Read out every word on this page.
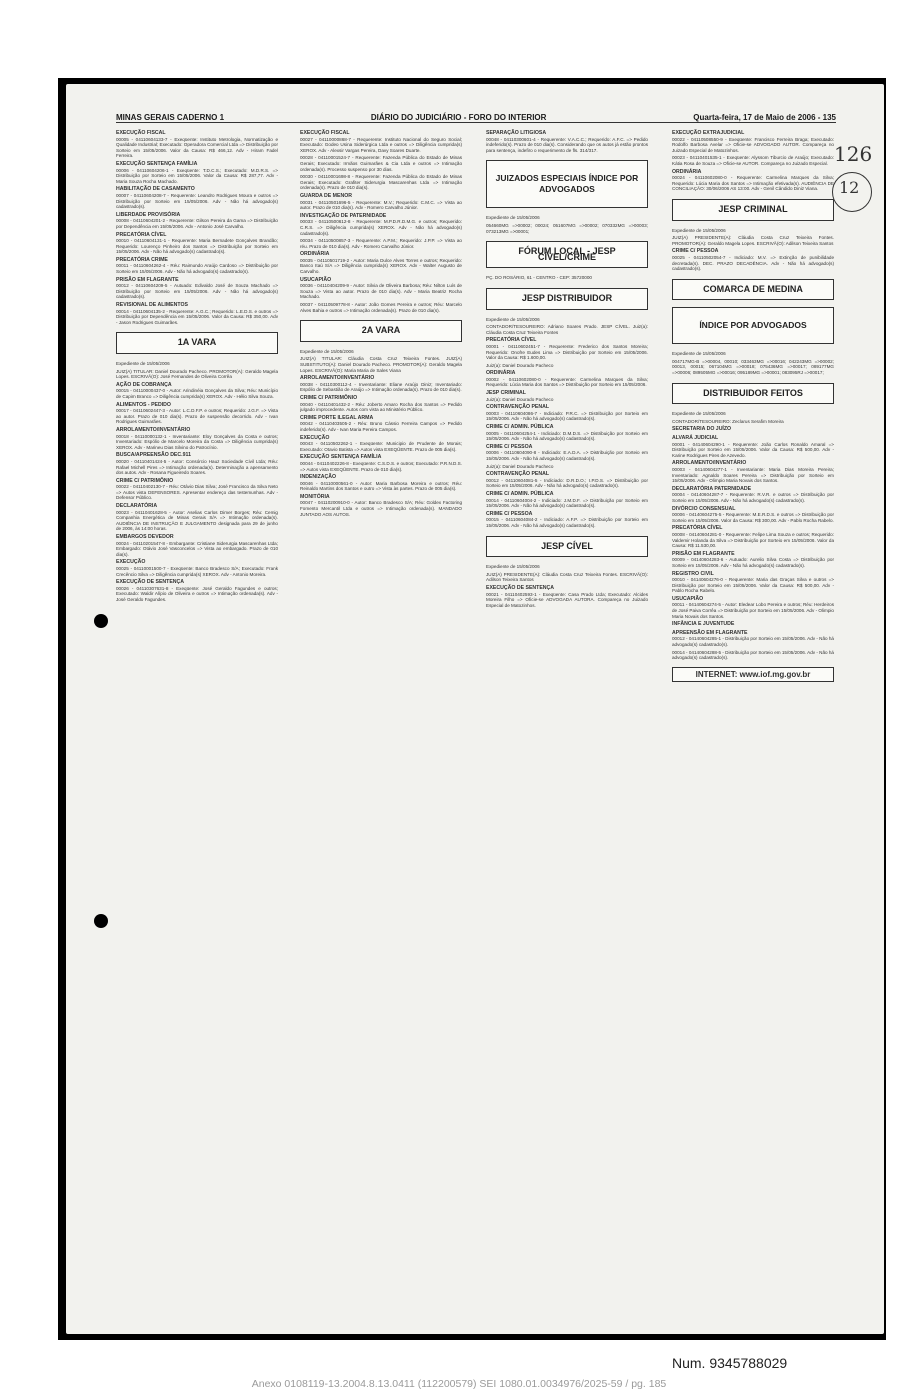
MINAS GERAIS CADERNO 1	DIÁRIO DO JUDICIÁRIO - FORO DO INTERIOR	Quarta-feira, 17 de Maio de 2006 - 135
EXECUÇÃO FISCAL
00005 - 04110604133-7 - Exeqüente: Instituto Metrologia, Normatização e Qualidade Industrial; Executado: Operadora Comercial Ltda => Distribuição por Sorteio em 15/05/2006. Valor da Causa: R$ 466,12. Adv - Hiram Fadel Ferreira.
EXECUÇÃO SENTENÇA FAMÍLIA
00006 - 04110604206-1 - Exeqüente: T.D.C.S.; Executado: M.D.R.S. => Distribuição por Sorteio em 15/05/2006. Valor da Causa: R$ 287,77. Adv - Maria Souza Rocha Machado.
HABILITAÇÃO DE CASAMENTO
00007 - 04110604208-7 - Requerente: Leandro Rodrigues Moura e outros => Distribuição por Sorteio em 15/05/2006. Adv - Não há advogado(s) cadastrado(s).
LIBERDADE PROVISÓRIA
00008 - 04110604201-2 - Requerente: Gilson Pereira da Gama => Distribuição por Dependência em 15/05/2006. Adv - Antonio José Carvalho.
PRECATÓRIA CÍVEL
00010 - 04110604131-1 - Requerente: Maria Bernadete Gonçalves Brandão; Requerido: Lourenço Pinheiro dos Santos => Distribuição por Sorteio em 15/05/2006. Adv - Não há advogado(s) cadastrado(s).
PRECATÓRIA CRIME
00011 - 04110604262-4 - Réu: Raimundo Araújo Cardoso => Distribuição por Sorteio em 15/05/2006. Adv - Não há advogado(s) cadastrado(s).
PRISÃO EM FLAGRANTE
00012 - 04110604209-5 - Autuado: Edivaldo José de Souza Machado => Distribuição por Sorteio em 15/05/2006. Adv - Não há advogado(s) cadastrado(s).
REVISIONAL DE ALIMENTOS
00014 - 04110604135-2 - Requerente: A.G.C.; Requerido: L.E.D.S. e outros => Distribuição por Dependência em 15/05/2006. Valor da Causa: R$ 350,00. Adv - Jason Rodrigues Guimarães.
1A VARA
Expediente de 15/05/2006
JUIZ(A) TITULAR: Daniel Dourado Pacheco. PROMOTOR(A): Geraldo Magela Lopes. ESCRIVÃ(O): José Fernandes de Oliveira Corrêa
AÇÃO DE COBRANÇA
00015 - 04110000437-0 - Autor: Arindinéia Gonçalves da Silva; Réu: Município de Capim Branco => Diligência cumprida(s) XEROX. Adv - Hélio Silva Souza.
ALIMENTOS - PEDIDO
00017 - 04110602447-3 - Autor: L.C.D.F.P. e outros; Requerido: J.G.F. => Vista ao autor. Prazo de 010 dia(s). Prazo de suspensão decorrido. Adv - Ivan Rodrigues Guimarães.
ARROLAMENTO/INVENTÁRIO
00018 - 04110000132-1 - Inventariante: Eloy Gonçalves da Costa e outros; Inventariado: Espólio de Marcelo Moreira da Costa => Diligência cumprida(s) XEROX. Adv - Marineu Dias Silvino do Patrocínio.
BUSCA/APREENSÃO DEC.911
00020 - 04110401424-5 - Autor: Consórcio Hauz Sociedade Civil Ltda; Réu: Rafael Michell Pires => Intimação ordenada(s). Determinação a apensamento dos autos. Adv - Rosana Figueiredo Soares.
CRIME C/ PATRIMÔNIO
00022 - 04110402130-7 - Réu: Otávio Dias Silva; José Francisco da Silva Neto => Autos vista DEFENSORES. Apresentar endereço das testemunhas. Adv - Defensor Público.
DECLARATÓRIA
00023 - 04110401628-5 - Autor: Aselias Carlos Dimer Borges; Réu: Cemig Companhia Energética de Minas Gerais S/A => Intimação ordenada(s). AUDIÊNCIA DE INSTRUÇÃO E JULGAMENTO designada para 29 de junho de 2006, às 14:00 horas.
EMBARGOS DEVEDOR
00024 - 04110201547-8 - Embargante: Cristiane Siderurgia Mascarenhas Ltda; Embargado: Otávio José Vasconcelos => Vista ao embargado. Prazo de 010 dia(s).
EXECUÇÃO
00025 - 04110001500-7 - Exeqüente: Banco Bradesco S/A; Executado: Frank Crecêncio Silva => Diligência cumprida(s) XEROX. Adv - Antonio Moreira.
EXECUÇÃO DE SENTENÇA
00026 - 04110307631-8 - Exeqüente: José Geraldo Fagundes e outros; Executado: Waldir Alípio de Oliveira e outros => Intimação ordenada(s). Adv - José Geraldo Fagundes.
EXECUÇÃO FISCAL
00027 - 04110000868-7 - Requerente: Instituto Nacional do Seguro Social; Executado: Godeo Usina Siderúrgica Ltda e outros => Diligência cumprida(s) XEROX. Adv - Alexsir Vargas Pereira, Davy Soares Duarte.
00028 - 04110001524-7 - Requerente: Fazenda Pública do Estado de Minas Gerais; Executado: Irmãos Guimarães & Cia Ltda e outros => Intimação ordenada(s). Processo suspenso por 30 dias.
00030 - 04110001698-8 - Requerente: Fazenda Pública do Estado de Minas Gerais; Executado: Grafiter Siderurgia Mascarenhas Ltda => Intimação ordenada(s). Prazo de 010 dia(s).
GUARDA DE MENOR
00031 - 04110501696-5 - Requerente: M.V.; Requerido: C.M.C. => Vista ao autor. Prazo de 010 dia(s). Adv - Romero Carvalho Júnior.
INVESTIGAÇÃO DE PATERNIDADE
00033 - 04110500612-8 - Requerente: M.P.D.R.D.M.G. e outros; Requerido: C.R.S. => Diligência cumprida(s) XEROX. Adv - Não há advogado(s) cadastrado(s).
00034 - 04110500857-3 - Requerente: A.P.M.; Requerido: J.P.P. => Vista ao réu. Prazo de 010 dia(s). Adv - Romero Carvalho Júnior.
ORDINÁRIA
00035 - 04110501719-2 - Autor: Maria Dulce Alves Torres e outros; Requerido: Banco Itaú S/A => Diligência cumprida(s) XEROX. Adv - Walter Augusto de Carvalho.
USUCAPIÃO
00036 - 04110404209-9 - Autor: Silvia de Oliveira Barbosa; Réu: Nilton Luís de Souza => Vista ao autor. Prazo de 010 dia(s). Adv - Maria Beatriz Rocha Machado.
00037 - 04110509778-8 - Autor: João Gomes Pereira e outros; Réu: Marcelo Alves Bahia e outros => Intimação ordenada(s). Prazo de 010 dia(s).
2A VARA
Expediente de 15/05/2006
JUIZ(A) TITULAR: Cláudia Costa Cruz Teixeira Fontes. JUIZ(A) SUBSTITUTO(A): Daniel Dourado Pacheco. PROMOTOR(A): Geraldo Magela Lopes. ESCRIVÃ(O): Maria Maria de Sales Viana
ARROLAMENTO/INVENTÁRIO
00038 - 04110300112-4 - Inventariante: Eliane Araújo Diniz; Inventariado: Espólio de Sebastião de Araújo => Intimação ordenada(s). Prazo de 010 dia(s).
CRIME C/ PATRIMÔNIO
00040 - 04110401432-2 - Réu: Joberto Amaro Rocha dos Santos => Pedido julgado improcedente. Autos com vista ao Ministério Público.
CRIME PORTE ILEGAL ARMA
00042 - 04110403505-2 - Réu: Bruno Cássio Ferreira Campos => Pedido indeferido(s). Adv - Ivan Maria Pereira Campos.
EXECUÇÃO
00043 - 04110502262-1 - Exeqüente: Municipio de Prudente de Morais; Executado: Otavio Batista => Autos vista EXEQÜENTE. Prazo de 005 dia(s).
EXECUÇÃO SENTENÇA FAMÍLIA
00044 - 04110402226-8 - Exeqüente: C.S.D.S. e outros; Executado: P.R.N.D.S. => Autos vista EXEQÜENTE. Prazo de 010 dia(s).
INDENIZAÇÃO
00046 - 04110000561-0 - Autor: Maria Barbosa Moreira e outros; Réu: Reinaldo Martins dos Santos e outro => Vista às partes. Prazo de 005 dia(s).
MONITÓRIA
00047 - 04110200910-0 - Autor: Banco Bradesco S/A; Réu: Goldex Factoring Fomento Mercantil Ltda e outros => Intimação ordenada(s). MANDADO JUNTADO AOS AUTOS.
SEPARAÇÃO LITIGIOSA
00048 - 04110300601-4 - Requerente: V.A.C.C.; Requerido: A.F.C. => Pedido indeferido(s). Prazo de 010 dia(s). Considerando que os autos já estão prontos para sentença, indefiro o requerimento de fls. 314/317.
JUIZADOS ESPECIAIS ÍNDICE POR ADVOGADOS
Expediente de 15/05/2006
054660MG =>00002; 00024; 051607MG =>00002; 070332MG =>00003; 073213MG =>00001;
FÓRUM LOCAL - JESP CÍVEL/CRIME
PÇ. DO ROSÁRIO, 61 - CENTRO - CEP: 35720000
JESP DISTRIBUIDOR
Expediente de 15/05/2006
CONTADOR/TESOUREIRO: Adriano Soares Prado. JESP CÍVEL. Juiz(a): Cláudia Costa Cruz Teixeira Fontes
PRECATÓRIA CÍVEL
00001 - 04110602451-7 - Requerente: Frederico dos Santos Moreira; Requerido: Onofre Eudes Lima => Distribuição por Sorteio em 15/05/2006. Valor da Causa: R$ 1.600,00.
Juiz(a): Daniel Dourado Pacheco
ORDINÁRIA
00002 - 04110602080-0 - Requerente: Carmelina Marques da Silva; Requerido: Lúcia Maria dos Santos => Distribuição por Sorteio em 15/05/2006.
JESP CRIMINAL
Juiz(a): Daniel Dourado Pacheco
CONTRAVENÇÃO PENAL
00003 - 04110604086-7 - Indiciado: P.R.C. => Distribuição por Sorteio em 15/05/2006. Adv - Não há advogado(s) cadastrado(s).
CRIME C/ ADMIN. PÚBLICA
00005 - 04110604254-1 - Indiciado: D.M.D.S. => Distribuição por Sorteio em 15/05/2006. Adv - Não há advogado(s) cadastrado(s).
CRIME C/ PESSOA
00006 - 04110604090-8 - Indiciado: E.A.D.A. => Distribuição por Sorteio em 15/05/2006. Adv - Não há advogado(s) cadastrado(s).
Juiz(a): Daniel Dourado Pacheco
CONTRAVENÇÃO PENAL
00012 - 04110604081-5 - Indiciado: D.R.D.O.; I.P.D.S. => Distribuição por Sorteio em 15/05/2006. Adv - Não há advogado(s) cadastrado(s).
CRIME C/ ADMIN. PÚBLICA
00014 - 04110604004-2 - Indiciado: J.M.D.F. => Distribuição por Sorteio em 15/05/2006. Adv - Não há advogado(s) cadastrado(s).
CRIME C/ PESSOA
00015 - 04110604084-2 - Indiciado: A.F.P. => Distribuição por Sorteio em 15/05/2006. Adv - Não há advogado(s) cadastrado(s).
JESP CÍVEL
Expediente de 15/05/2006
JUIZ(A) PRESIDENTE(A): Cláudia Costa Cruz Teixeira Fontes. ESCRIVÃ(O): Adilson Teixeira Santos
EXECUÇÃO DE SENTENÇA
00021 - 04110402593-1 - Exeqüente: Casa Prado Ltda; Executado: Alcides Moreira Filho => Oficie-se ADVOGADA AUTORA. Compareça no Juizado Especial de Matozinhos.
EXECUÇÃO EXTRAJUDICIAL
00022 - 04110508550-9 - Exeqüente: Francisco Ferreira Braga; Executado: Rodolfo Barbosa Avelar => Oficie-se ADVOGADO AUTOR. Compareça no Juizado Especial de Matozinhos.
00023 - 04110401535-1 - Exeqüente: Alyssom Tiburcio de Araújo; Executado: Kátia Rosa de Souza => Oficie-se AUTOR. Compareça no Juizado Especial.
ORDINÁRIA
00024 - 04110602080-0 - Requerente: Carmelina Marques da Silva; Requerido: Lúcia Maria dos Santos => Intimação efetivada(s). AUDIÊNCIA DE CONCILIAÇÃO: 30/06/2006 AS 13:00. Adv - Genil Cândido Diniz Viana.
JESP CRIMINAL
Expediente de 15/05/2006
JUIZ(A) PRESIDENTE(A): Cláudia Costa Cruz Teixeira Fontes. PROMOTOR(A): Geraldo Magela Lopes. ESCRIVÃ(O): Adilson Teixeira Santos
CRIME C/ PESSOA
00025 - 04110502054-7 - Indiciado: M.V. => Extinção de punibilidade decretada(s). DEC. PRAZO DECADÊNCIA. Adv - Não há advogado(s) cadastrado(s).
COMARCA DE MEDINA
ÍNDICE POR ADVOGADOS
Expediente de 15/05/2006
004717MG-B =>00004, 00010; 033463MG =>00016; 042243MG =>00002; 00013, 00015; 067104MG =>00018; 075436MG =>00017; 089177MG =>00006; 089505MG =>00016; 095189MG =>00001; 083095RJ =>00017;
DISTRIBUIDOR FEITOS
Expediente de 15/05/2006
CONTADOR/TESOUREIRO: Zeclarus Serafim Moreira
SECRETARIA DO JUÍZO
ALVARÁ JUDICIAL
00001 - 04140604290-1 - Requerente: João Carlos Ronaldo Amaral => Distribuição por Sorteio em 15/05/2006. Valor da Causa: R$ 500,00. Adv - Karine Rodrigues Pires de Azevedo.
ARROLAMENTO/INVENTÁRIO
00003 - 04140604277-1 - Inventariante: Maria Dias Moreira Pereira; Inventariado: Agnaldo Soares Pereira => Distribuição por Sorteio em 15/05/2006. Adv - Olimpio Maria Novais dos Santos.
DECLARATÓRIA PATERNIDADE
00004 - 04140604287-7 - Requerente: R.V.R. e outros => Distribuição por Sorteio em 15/05/2006. Adv - Não há advogado(s) cadastrado(s).
DIVÓRCIO CONSENSUAL
00006 - 04140604275-5 - Requerente: M.E.R.D.S. e outros => Distribuição por Sorteio em 15/05/2006. Valor da Causa: R$ 300,00. Adv - Pablo Rocha Rabelo.
PRECATÓRIA CÍVEL
00008 - 04140604281-0 - Requerente: Felipe Lima Souza e outros; Requerido: Valdemir Holanda da Silva => Distribuição por Sorteio em 15/05/2006. Valor da Causa: R$ 11.530,00.
PRISÃO EM FLAGRANTE
00009 - 04140604283-6 - Autuado: Aurelio Silva Costa => Distribuição por Sorteio em 15/05/2006. Adv - Não há advogado(s) cadastrado(s).
REGISTRO CIVIL
00010 - 04140604276-0 - Requerente: Maria das Graças Silva e outros => Distribuição por Sorteio em 15/05/2006. Valor da Causa: R$ 500,00. Adv - Pablo Rocha Rabelo.
USUCAPIÃO
00011 - 04140604274-5 - Autor: Eledear Lobo Pereira e outros; Réu: Herdeiros de José Paiva Corrêa => Distribuição por Sorteio em 15/05/2006. Adv - Olimpio Maria Novais dos Santos.
INFÂNCIA E JUVENTUDE
APREENSÃO EM FLAGRANTE
00012 - 04140604285-1 - Distribuição por Sorteio em 15/05/2006. Adv - Não há advogado(s) cadastrado(s).
00014 - 04140604288-5 - Distribuição por Sorteio em 15/05/2006. Adv - Não há advogado(s) cadastrado(s).
INTERNET: www.iof.mg.gov.br
126
12
Num. 9345788029
Anexo 0108119-13.2004.8.13.0411 (112200579) SEI 1080.01.0034976/2025-59 / pg. 185
